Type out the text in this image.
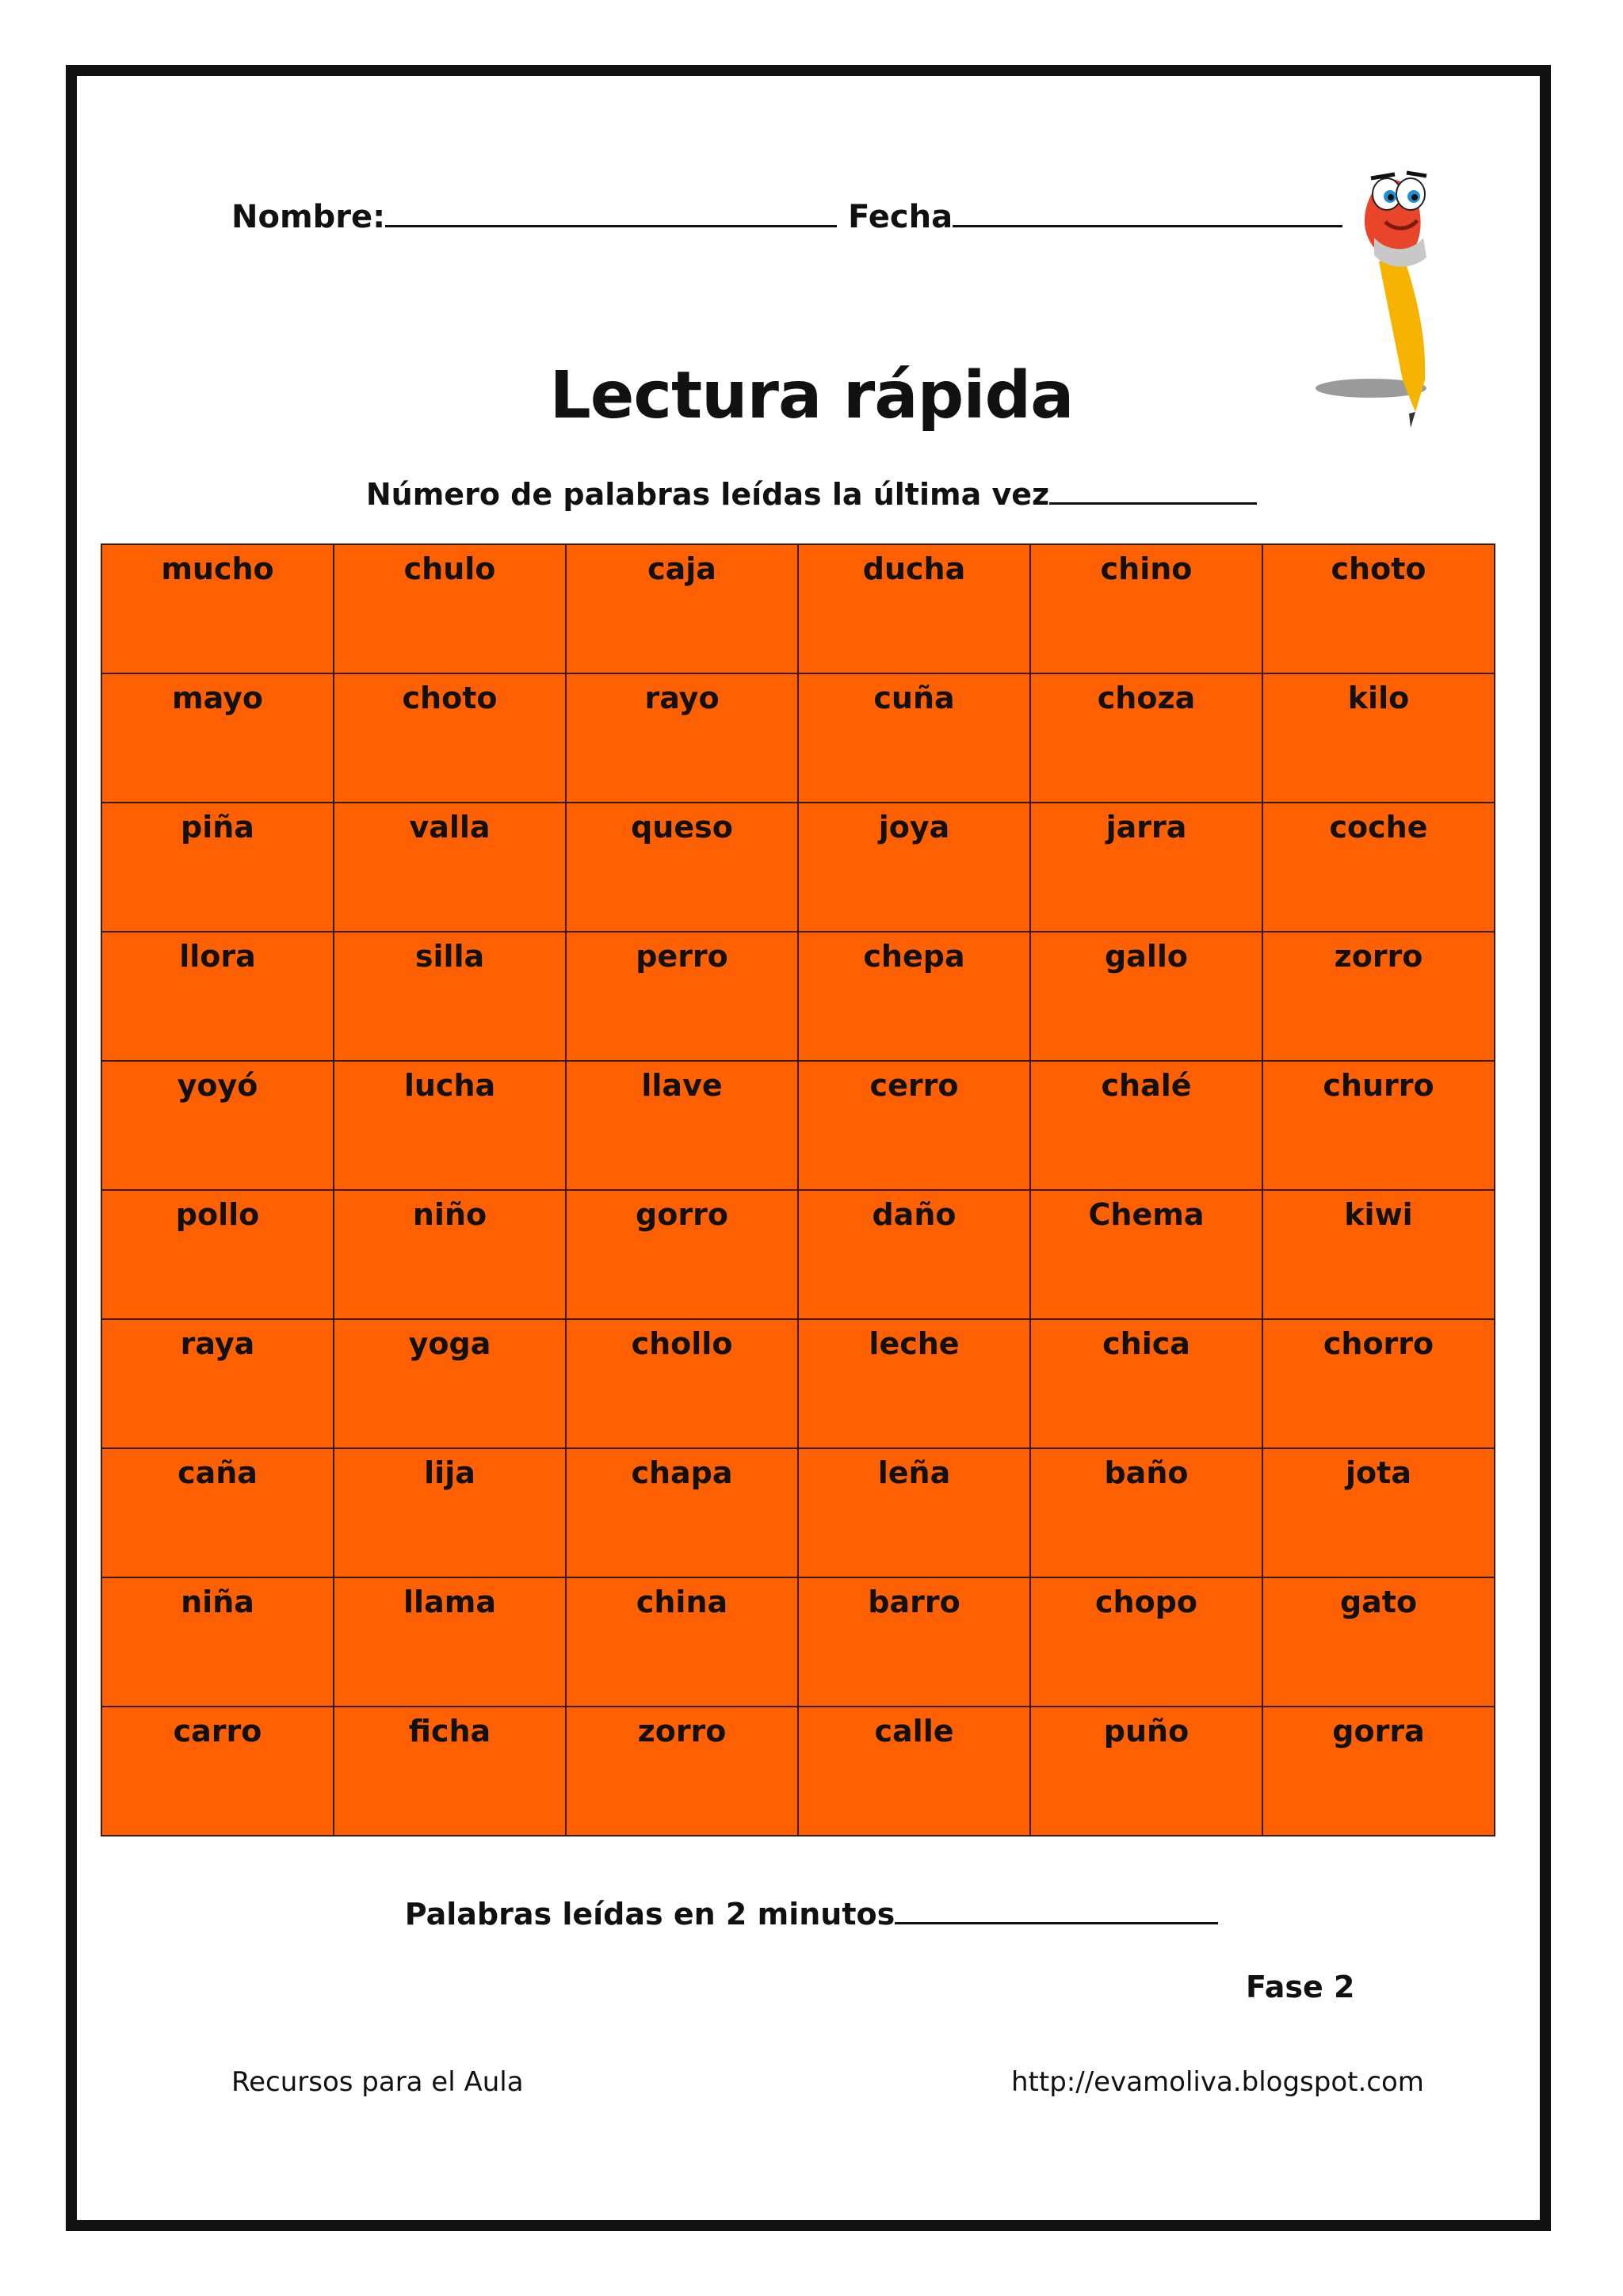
Nombre:	Fecha
Lectura rápida
Número de palabras leídas la última vez
mucho	chulo	caja	ducha	chino	choto
mayo	choto	rayo	cuña	choza	kilo
piña	valla	queso	joya	jarra	coche
llora	silla	perro	chepa	gallo	zorro
yoyó	lucha	llave	cerro	chalé	churro
pollo	niño	gorro	daño	Chema	kiwi
raya	yoga	chollo	leche	chica	chorro
caña	lija	chapa	leña	baño	jota
niña	llama	china	barro	chopo	gato
carro	ficha	zorro	calle	puño	gorra
Palabras leídas en 2 minutos
Fase 2
Recursos para el Aula	http://evamoliva.blogspot.com
